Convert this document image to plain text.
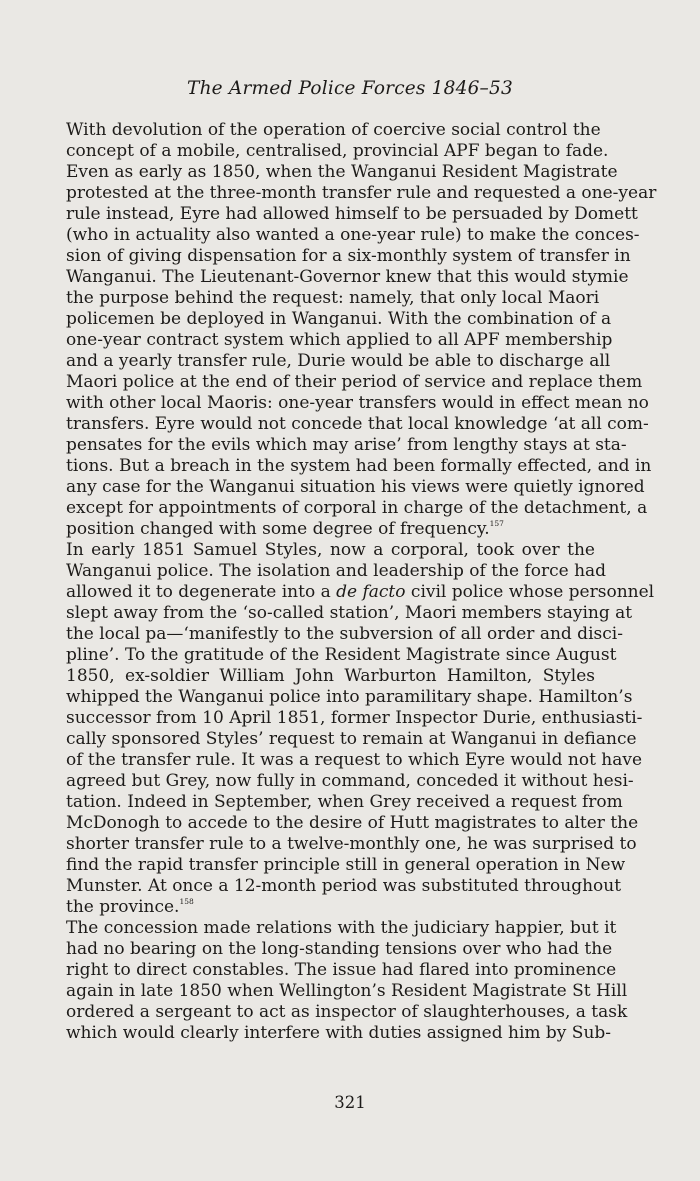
The Armed Police Forces 1846–53
With devolution of the operation of coercive social control the
concept of a mobile, centralised, provincial APF began to fade.
Even as early as 1850, when the Wanganui Resident Magistrate
protested at the three-month transfer rule and requested a one-year
rule instead, Eyre had allowed himself to be persuaded by Domett
(who in actuality also wanted a one-year rule) to make the conces-
sion of giving dispensation for a six-monthly system of transfer in
Wanganui. The Lieutenant-Governor knew that this would stymie
the purpose behind the request: namely, that only local Maori
policemen be deployed in Wanganui. With the combination of a
one-year contract system which applied to all APF membership
and a yearly transfer rule, Durie would be able to discharge all
Maori police at the end of their period of service and replace them
with other local Maoris: one-year transfers would in effect mean no
transfers. Eyre would not concede that local knowledge ‘at all com-
pensates for the evils which may arise’ from lengthy stays at sta-
tions. But a breach in the system had been formally effected, and in
any case for the Wanganui situation his views were quietly ignored
except for appointments of corporal in charge of the detachment, a
position changed with some degree of frequency.$^{157}$
In early 1851 Samuel Styles, now a corporal, took over the
Wanganui police. The isolation and leadership of the force had
allowed it to degenerate into a de facto civil police whose personnel
slept away from the ‘so-called station’, Maori members staying at
the local pa—‘manifestly to the subversion of all order and disci-
pline’. To the gratitude of the Resident Magistrate since August
1850, ex-soldier William John Warburton Hamilton, Styles
whipped the Wanganui police into paramilitary shape. Hamilton’s
successor from 10 April 1851, former Inspector Durie, enthusiasti-
cally sponsored Styles’ request to remain at Wanganui in defiance
of the transfer rule. It was a request to which Eyre would not have
agreed but Grey, now fully in command, conceded it without hesi-
tation. Indeed in September, when Grey received a request from
McDonogh to accede to the desire of Hutt magistrates to alter the
shorter transfer rule to a twelve-monthly one, he was surprised to
find the rapid transfer principle still in general operation in New
Munster. At once a 12-month period was substituted throughout
the province.$^{158}$
The concession made relations with the judiciary happier, but it
had no bearing on the long-standing tensions over who had the
right to direct constables. The issue had flared into prominence
again in late 1850 when Wellington’s Resident Magistrate St Hill
ordered a sergeant to act as inspector of slaughterhouses, a task
which would clearly interfere with duties assigned him by Sub-
321
